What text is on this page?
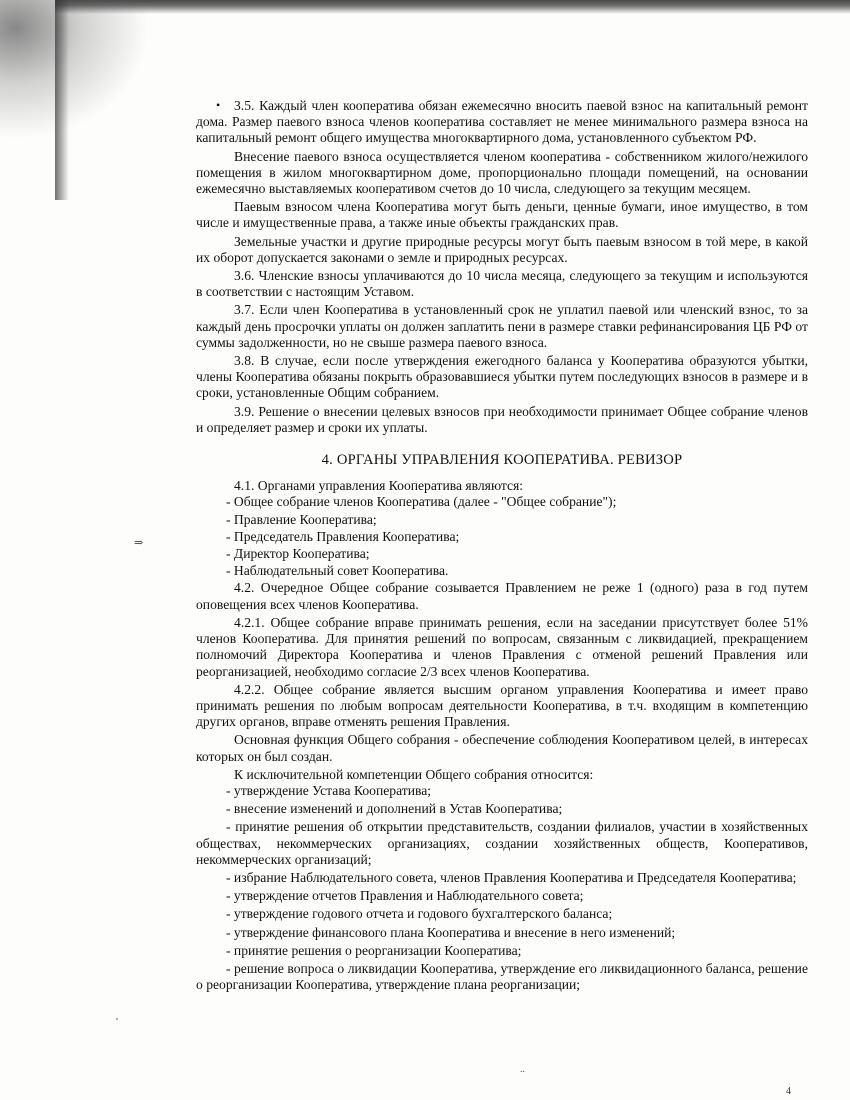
•
⇒
'
..
4

3.5. Каждый член кооператива обязан ежемесячно вносить паевой взнос на капитальный ремонт дома. Размер паевого взноса членов кооператива составляет не менее минимального размера взноса на капитальный ремонт общего имущества многоквартирного дома, установленного субъектом РФ.

Внесение паевого взноса осуществляется членом кооператива - собственником жилого/нежилого помещения в жилом многоквартирном доме, пропорционально площади помещений, на основании ежемесячно выставляемых кооперативом счетов до 10 числа, следующего за текущим месяцем.

Паевым взносом члена Кооператива могут быть деньги, ценные бумаги, иное имущество, в том числе и имущественные права, а также иные объекты гражданских прав.

Земельные участки и другие природные ресурсы могут быть паевым взносом в той мере, в какой их оборот допускается законами о земле и природных ресурсах.

3.6. Членские взносы уплачиваются до 10 числа месяца, следующего за текущим и используются в соответствии с настоящим Уставом.

3.7. Если член Кооператива в установленный срок не уплатил паевой или членский взнос, то за каждый день просрочки уплаты он должен заплатить пени в размере ставки рефинансирования ЦБ РФ от суммы задолженности, но не свыше размера паевого взноса.

3.8. В случае, если после утверждения ежегодного баланса у Кооператива образуются убытки, члены Кооператива обязаны покрыть образовавшиеся убытки путем последующих взносов в размере и в сроки, установленные Общим собранием.

3.9. Решение о внесении целевых взносов при необходимости принимает Общее собрание членов и определяет размер и сроки их уплаты.

4. ОРГАНЫ УПРАВЛЕНИЯ КООПЕРАТИВА. РЕВИЗОР

4.1. Органами управления Кооператива являются:

- Общее собрание членов Кооператива (далее - "Общее собрание");

- Правление Кооператива;

- Председатель Правления Кооператива;

- Директор Кооператива;

- Наблюдательный совет Кооператива.

4.2. Очередное Общее собрание созывается Правлением не реже 1 (одного) раза в год путем оповещения всех членов Кооператива.

4.2.1. Общее собрание вправе принимать решения, если на заседании присутствует более 51% членов Кооператива. Для принятия решений по вопросам, связанным с ликвидацией, прекращением полномочий Директора Кооператива и членов Правления с отменой решений Правления или реорганизацией, необходимо согласие 2/3 всех членов Кооператива.

4.2.2. Общее собрание является высшим органом управления Кооператива и имеет право принимать решения по любым вопросам деятельности Кооператива, в т.ч. входящим в компетенцию других органов, вправе отменять решения Правления.

Основная функция Общего собрания - обеспечение соблюдения Кооперативом целей, в интересах которых он был создан.

К исключительной компетенции Общего собрания относится:

- утверждение Устава Кооператива;

- внесение изменений и дополнений в Устав Кооператива;

- принятие решения об открытии представительств, создании филиалов, участии в хозяйственных обществах, некоммерческих организациях, создании хозяйственных обществ, Кооперативов, некоммерческих организаций;

- избрание Наблюдательного совета, членов Правления Кооператива и Председателя Кооператива;

- утверждение отчетов Правления и Наблюдательного совета;

- утверждение годового отчета и годового бухгалтерского баланса;

- утверждение финансового плана Кооператива и внесение в него изменений;

- принятие решения о реорганизации Кооператива;

- решение вопроса о ликвидации Кооператива, утверждение его ликвидационного баланса, решение о реорганизации Кооператива, утверждение плана реорганизации;
